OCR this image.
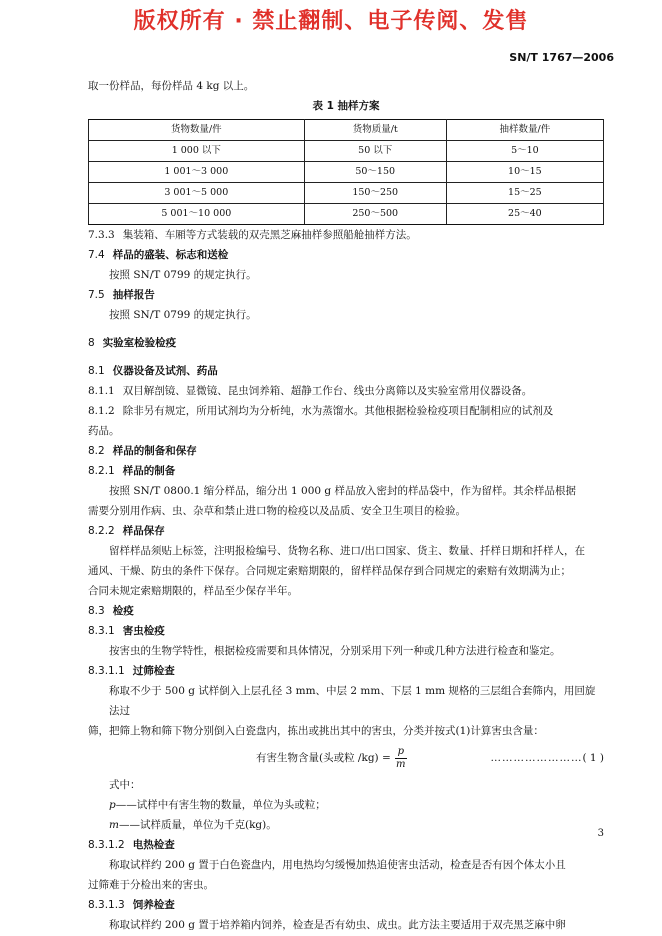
版权所有 · 禁止翻制、电子传阅、发售
SN/T 1767—2006

取一份样品，每份样品 4 kg 以上。

表 1 抽样方案

货物数量/件	货物质量/t	抽样数量/件
1 000 以下	50 以下	5～10
1 001～3 000	50～150	10～15
3 001～5 000	150～250	15～25
5 001～10 000	250～500	25～40

7.3.3 集装箱、车厢等方式装载的双壳黑芝麻抽样参照船舱抽样方法。

7.4 样品的盛装、标志和送检

按照 SN/T 0799 的规定执行。

7.5 抽样报告

按照 SN/T 0799 的规定执行。

8 实验室检验检疫

8.1 仪器设备及试剂、药品

8.1.1 双目解剖镜、显微镜、昆虫饲养箱、超静工作台、线虫分离筛以及实验室常用仪器设备。

8.1.2 除非另有规定，所用试剂均为分析纯，水为蒸馏水。其他根据检验检疫项目配制相应的试剂及

药品。

8.2 样品的制备和保存

8.2.1 样品的制备

按照 SN/T 0800.1 缩分样品，缩分出 1 000 g 样品放入密封的样品袋中，作为留样。其余样品根据

需要分别用作病、虫、杂草和禁止进口物的检疫以及品质、安全卫生项目的检验。

8.2.2 样品保存

留样样品须贴上标签，注明报检编号、货物名称、进口/出口国家、货主、数量、扦样日期和扦样人，在

通风、干燥、防虫的条件下保存。合同规定索赔期限的，留样样品保存到合同规定的索赔有效期满为止；

合同未规定索赔期限的，样品至少保存半年。

8.3 检疫

8.3.1 害虫检疫

按害虫的生物学特性，根据检疫需要和具体情况，分别采用下列一种或几种方法进行检查和鉴定。

8.3.1.1 过筛检查

称取不少于 500 g 试样倒入上层孔径 3 mm、中层 2 mm、下层 1 mm 规格的三层组合套筛内，用回旋法过

筛，把筛上物和筛下物分别倒入白瓷盘内，拣出或挑出其中的害虫，分类并按式(1)计算害虫含量：

有害生物含量(头或粒 $/kg) = \frac{p}{m}$	…………………… ( 1 )

式中：

p——试样中有害生物的数量，单位为头或粒；

m——试样质量，单位为千克(kg)。

8.3.1.2 电热检查

称取试样约 200 g 置于白色瓷盘内，用电热均匀缓慢加热追使害虫活动，检查是否有因个体太小且

过筛难于分检出来的害虫。

8.3.1.3 饲养检查

称取试样约 200 g 置于培养箱内饲养，检查是否有幼虫、成虫。此方法主要适用于双壳黑芝麻中卵

3
